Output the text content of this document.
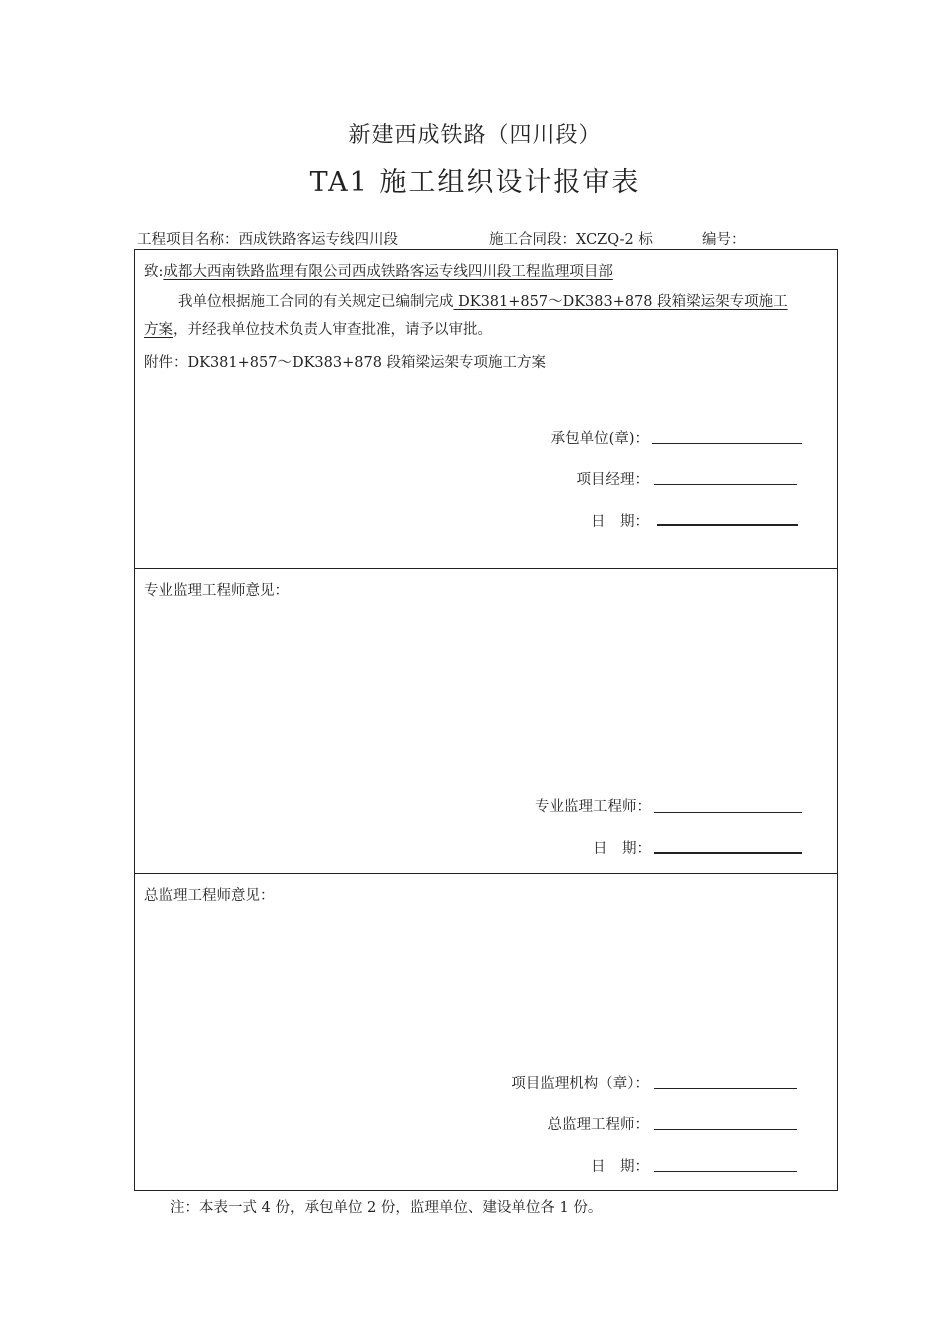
新建西成铁路（四川段）
TA1 施工组织设计报审表
工程项目名称：西成铁路客运专线四川段	施工合同段：XCZQ-2 标	编号：
致:成都大西南铁路监理有限公司西成铁路客运专线四川段工程监理项目部
我单位根据施工合同的有关规定已编制完成 DK381+857～DK383+878 段箱梁运架专项施工
方案，并经我单位技术负责人审查批准，请予以审批。
附件：DK381+857～DK383+878 段箱梁运架专项施工方案
承包单位(章)：
项目经理：
日　期：
专业监理工程师意见：
专业监理工程师：
日　期：
总监理工程师意见：
项目监理机构（章）：
总监理工程师：
日　期：
注：本表一式 4 份，承包单位 2 份，监理单位、建设单位各 1 份。
